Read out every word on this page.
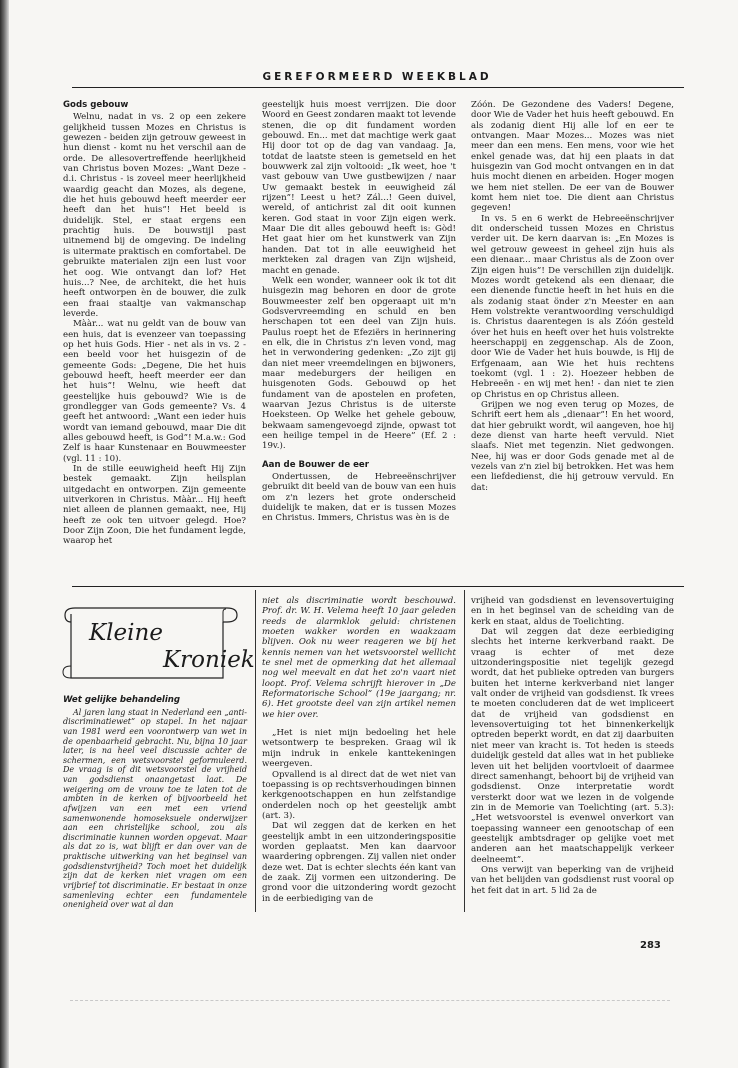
GEREFORMEERD WEEKBLAD
Gods gebouw

Welnu, nadat in vs. 2 op een zekere gelijkheid tussen Mozes en Christus is gewezen - beiden zijn getrouw geweest in hun dienst - komt nu het verschil aan de orde. De allesovertreffende heerlijkheid van Christus boven Mozes: „Want Deze - d.i. Christus - is zoveel meer heerlijkheid waardig geacht dan Mozes, als degene, die het huis gebouwd heeft meerder eer heeft dan het huis”! Het beeld is duidelijk. Stel, er staat ergens een prachtig huis. De bouwstijl past uitnemend bij de omgeving. De indeling is uitermate praktisch en comfortabel. De gebruikte materialen zijn een lust voor het oog. Wie ontvangt dan lof? Het huis...? Nee, de architekt, die het huis heeft ontworpen èn de bouwer, die zulk een fraai staaltje van vakmanschap leverde.

Mààr... wat nu geldt van de bouw van een huis, dat is evenzeer van toepassing op het huis Gods. Hier - net als in vs. 2 - een beeld voor het huisgezin of de gemeente Gods: „Degene, Die het huis gebouwd heeft, heeft meerder eer dan het huis”! Welnu, wie heeft dat geestelijke huis gebouwd? Wie is de grondlegger van Gods gemeente? Vs. 4 geeft het antwoord: „Want een ieder huis wordt van iemand gebouwd, maar Die dit alles gebouwd heeft, is God”! M.a.w.: God Zelf is haar Kunstenaar en Bouwmeester (vgl. 11 : 10).

In de stille eeuwigheid heeft Hij Zijn bestek gemaakt. Zijn heilsplan uitgedacht en ontworpen. Zijn gemeente uitverkoren in Christus. Mààr... Hij heeft niet alleen de plannen gemaakt, nee, Hij heeft ze ook ten uitvoer gelegd. Hoe? Door Zijn Zoon, Die het fundament legde, waarop het

geestelijk huis moest verrijzen. Die door Woord en Geest zondaren maakt tot levende stenen, die op dit fundament worden gebouwd. En... met dat machtige werk gaat Hij door tot op de dag van vandaag. Ja, totdat de laatste steen is gemetseld en het bouwwerk zal zijn voltooid: „Ik weet, hoe 't vast gebouw van Uwe gustbewijzen / naar Uw gemaakt bestek in eeuwigheid zál rijzen”! Leest u het? Zál...! Geen duivel, wereld, of antichrist zal dit ooit kunnen keren. God staat in voor Zijn eigen werk. Maar Die dit alles gebouwd heeft is: Gòd! Het gaat hier om het kunstwerk van Zijn handen. Dat tot in alle eeuwigheid het merkteken zal dragen van Zijn wijsheid, macht en genade.

Welk een wonder, wanneer ook ik tot dit huisgezin mag behoren en door de grote Bouwmeester zelf ben opgeraapt uit m'n Godsvervreemding en schuld en ben herschapen tot een deel van Zijn huis. Paulus roept het de Efeziërs in herinnering en elk, die in Christus z'n leven vond, mag het in verwondering gedenken: „Zo zijt gij dan niet meer vreemdelingen en bijwoners, maar medeburgers der heiligen en huisgenoten Gods. Gebouwd op het fundament van de apostelen en profeten, waarvan Jezus Christus is de uiterste Hoeksteen. Op Welke het gehele gebouw, bekwaam samengevoegd zijnde, opwast tot een heilige tempel in de Heere” (Ef. 2 : 19v.).

Aan de Bouwer de eer

Ondertussen, de Hebreeënschrijver gebruikt dit beeld van de bouw van een huis om z'n lezers het grote onderscheid duidelijk te maken, dat er is tussen Mozes en Christus. Immers, Christus was èn is de

Zóón. De Gezondene des Vaders! Degene, door Wie de Vader het huis heeft gebouwd. En als zodanig dient Hij alle lof en eer te ontvangen. Maar Mozes... Mozes was niet meer dan een mens. Een mens, voor wie het enkel genade was, dat hij een plaats in dat huisgezin van God mocht ontvangen en in dat huis mocht dienen en arbeiden. Hoger mogen we hem niet stellen. De eer van de Bouwer komt hem niet toe. Die dient aan Christus gegeven!

In vs. 5 en 6 werkt de Hebreeënschrijver dit onderscheid tussen Mozes en Christus verder uit. De kern daarvan is: „En Mozes is wel getrouw geweest in geheel zijn huis als een dienaar... maar Christus als de Zoon over Zijn eigen huis”! De verschillen zijn duidelijk. Mozes wordt getekend als een dienaar, die een dienende functie heeft in het huis en die als zodanig staat önder z'n Meester en aan Hem volstrekte verantwoording verschuldigd is. Christus daarentegen is als Zóón gesteld óver het huis en heeft over het huis volstrekte heerschappij en zeggenschap. Als de Zoon, door Wie de Vader het huis bouwde, is Hij de Erfgenaam, aan Wie het huis rechtens toekomt (vgl. 1 : 2). Hoezeer hebben de Hebreeën - en wij met hen! - dan niet te zien op Christus en op Christus alleen.

Grijpen we nog even terug op Mozes, de Schrift eert hem als „dienaar”! En het woord, dat hier gebruikt wordt, wil aangeven, hoe hij deze dienst van harte heeft vervuld. Niet slaafs. Niet met tegenzin. Niet gedwongen. Nee, hij was er door Gods genade met al de vezels van z'n ziel bij betrokken. Het was hem een liefdedienst, die hij getrouw vervuld. En dat:

Kleine
Kroniek
Wet gelijke behandeling

Al jaren lang staat in Nederland een „anti-discriminatiewet” op stapel. In het najaar van 1981 werd een voorontwerp van wet in de openbaarheid gebracht. Nu, bijna 10 jaar later, is na heel veel discussie achter de schermen, een wetsvoorstel geformuleerd. De vraag is of dit wetsvoorstel de vrijheid van godsdienst onaangetast laat. De weigering om de vrouw toe te laten tot de ambten in de kerken of bijvoorbeeld het afwijzen van een met een vriend samenwonende homoseksuele onderwijzer aan een christelijke school, zou als discriminatie kunnen worden opgevat. Maar als dat zo is, wat blijft er dan over van de praktische uitwerking van het beginsel van godsdienstvrijheid? Toch moet het duidelijk zijn dat de kerken niet vragen om een vrijbrief tot discriminatie. Er bestaat in onze samenleving echter een fundamentele onenigheid over wat al dan

niet als discriminatie wordt beschouwd. Prof. dr. W. H. Velema heeft 10 jaar geleden reeds de alarmklok geluid: christenen moeten wakker worden en waakzaam blijven. Ook nu weer reageren we bij het kennis nemen van het wetsvoorstel wellicht te snel met de opmerking dat het allemaal nog wel meevalt en dat het zo'n vaart niet loopt. Prof. Velema schrijft hierover in „De Reformatorische School” (19e jaargang; nr. 6). Het grootste deel van zijn artikel nemen we hier over.

„Het is niet mijn bedoeling het hele wetsontwerp te bespreken. Graag wil ik mijn indruk in enkele kanttekeningen weergeven.

Opvallend is al direct dat de wet niet van toepassing is op rechtsverhoudingen binnen kerkgenootschappen en hun zelfstandige onderdelen noch op het geestelijk ambt (art. 3).

Dat wil zeggen dat de kerken en het geestelijk ambt in een uitzonderingspositie worden geplaatst. Men kan daarvoor waardering opbrengen. Zij vallen niet onder deze wet. Dat is echter slechts één kant van de zaak. Zij vormen een uitzondering. De grond voor die uitzondering wordt gezocht in de eerbiediging van de

vrijheid van godsdienst en levensovertuiging en in het beginsel van de scheiding van de kerk en staat, aldus de Toelichting.

Dat wil zeggen dat deze eerbiediging slechts het interne kerkverband raakt. De vraag is echter of met deze uitzonderingspositie niet tegelijk gezegd wordt, dat het publieke optreden van burgers buiten het interne kerkverband niet langer valt onder de vrijheid van godsdienst. Ik vrees te moeten concluderen dat de wet impliceert dat de vrijheid van godsdienst en levensovertuiging tot het binnenkerkelijk optreden beperkt wordt, en dat zij daarbuiten niet meer van kracht is. Tot heden is steeds duidelijk gesteld dat alles wat in het publieke leven uit het belijden voortvloeit of daarmee direct samenhangt, behoort bij de vrijheid van godsdienst. Onze interpretatie wordt versterkt door wat we lezen in de volgende zin in de Memorie van Toelichting (art. 5.3): „Het wetsvoorstel is evenwel onverkort van toepassing wanneer een genootschap of een geestelijk ambtsdrager op gelijke voet met anderen aan het maatschappelijk verkeer deelneemt”.

Ons verwijt van beperking van de vrijheid van het belijden van godsdienst rust vooral op het feit dat in art. 5 lid 2a de

283
